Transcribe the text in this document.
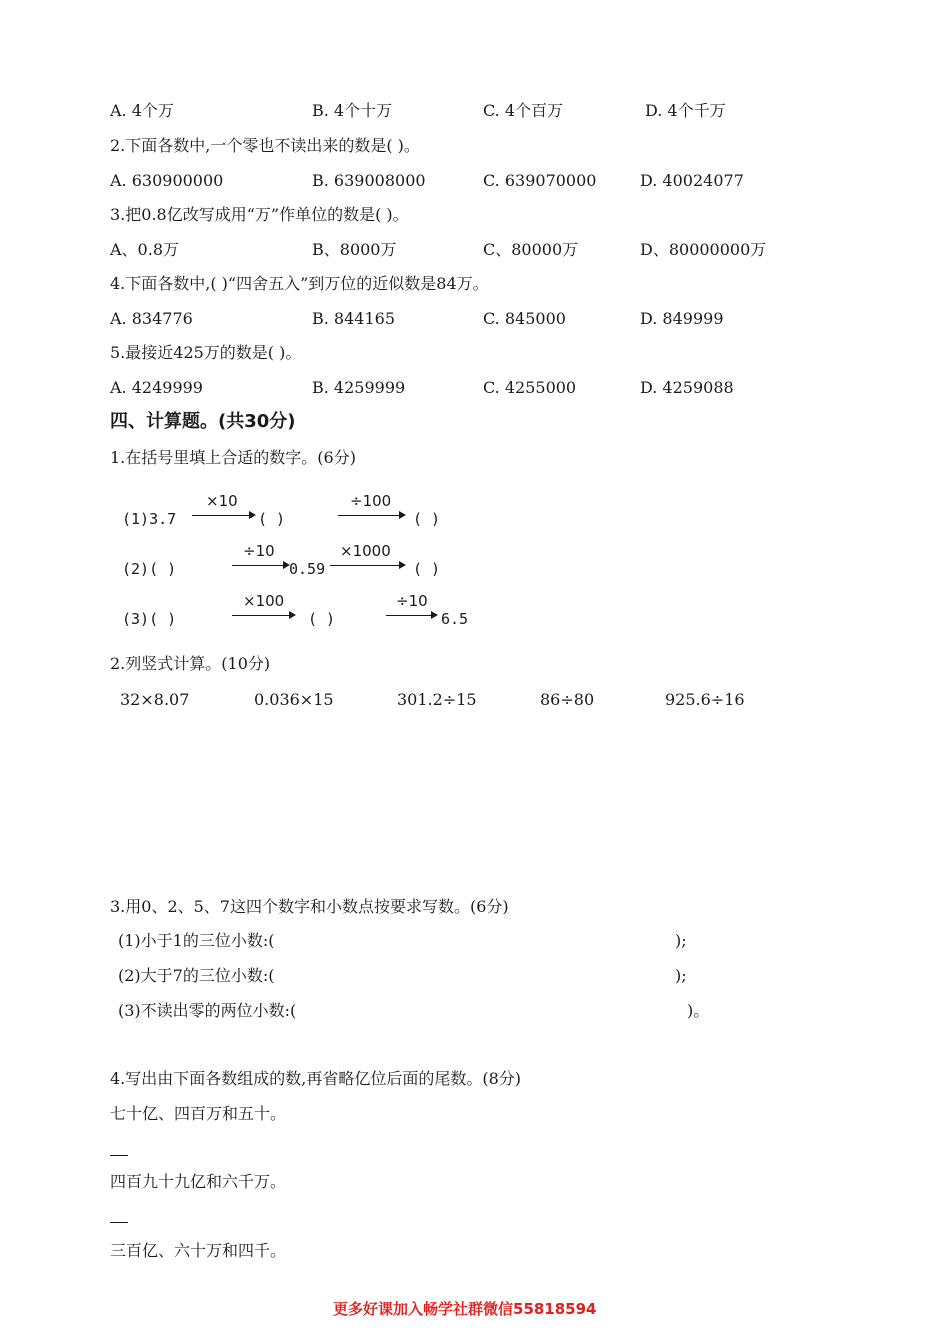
A. 4个万	B. 4个十万	C. 4个百万	D. 4个千万
2.下面各数中,一个零也不读出来的数是( )。
A. 630900000	B. 639008000	C. 639070000	D. 40024077
3.把0.8亿改写成用“万”作单位的数是( )。
A、0.8万	B、8000万	C、80000万	D、80000000万
4.下面各数中,( )“四舍五入”到万位的近似数是84万。
A. 834776	B. 844165	C. 845000	D. 849999
5.最接近425万的数是( )。
A. 4249999	B. 4259999	C. 4255000	D. 4259088
四、计算题。(共30分)
1.在括号里填上合适的数字。(6分)
(1)3.7
×10
( )
÷100
( )
(2)( )
÷10
0.59
×1000
( )
(3)( )
×100
( )
÷10
6.5
2.列竖式计算。(10分)
32×8.07	0.036×15	301.2÷15	86÷80	925.6÷16
3.用0、2、5、7这四个数字和小数点按要求写数。(6分)
(1)小于1的三位小数:(	);
(2)大于7的三位小数:(	);
(3)不读出零的两位小数:(	)。
4.写出由下面各数组成的数,再省略亿位后面的尾数。(8分)
七十亿、四百万和五十。
四百九十九亿和六千万。
三百亿、六十万和四千。
更多好课加入畅学社群微信55818594
